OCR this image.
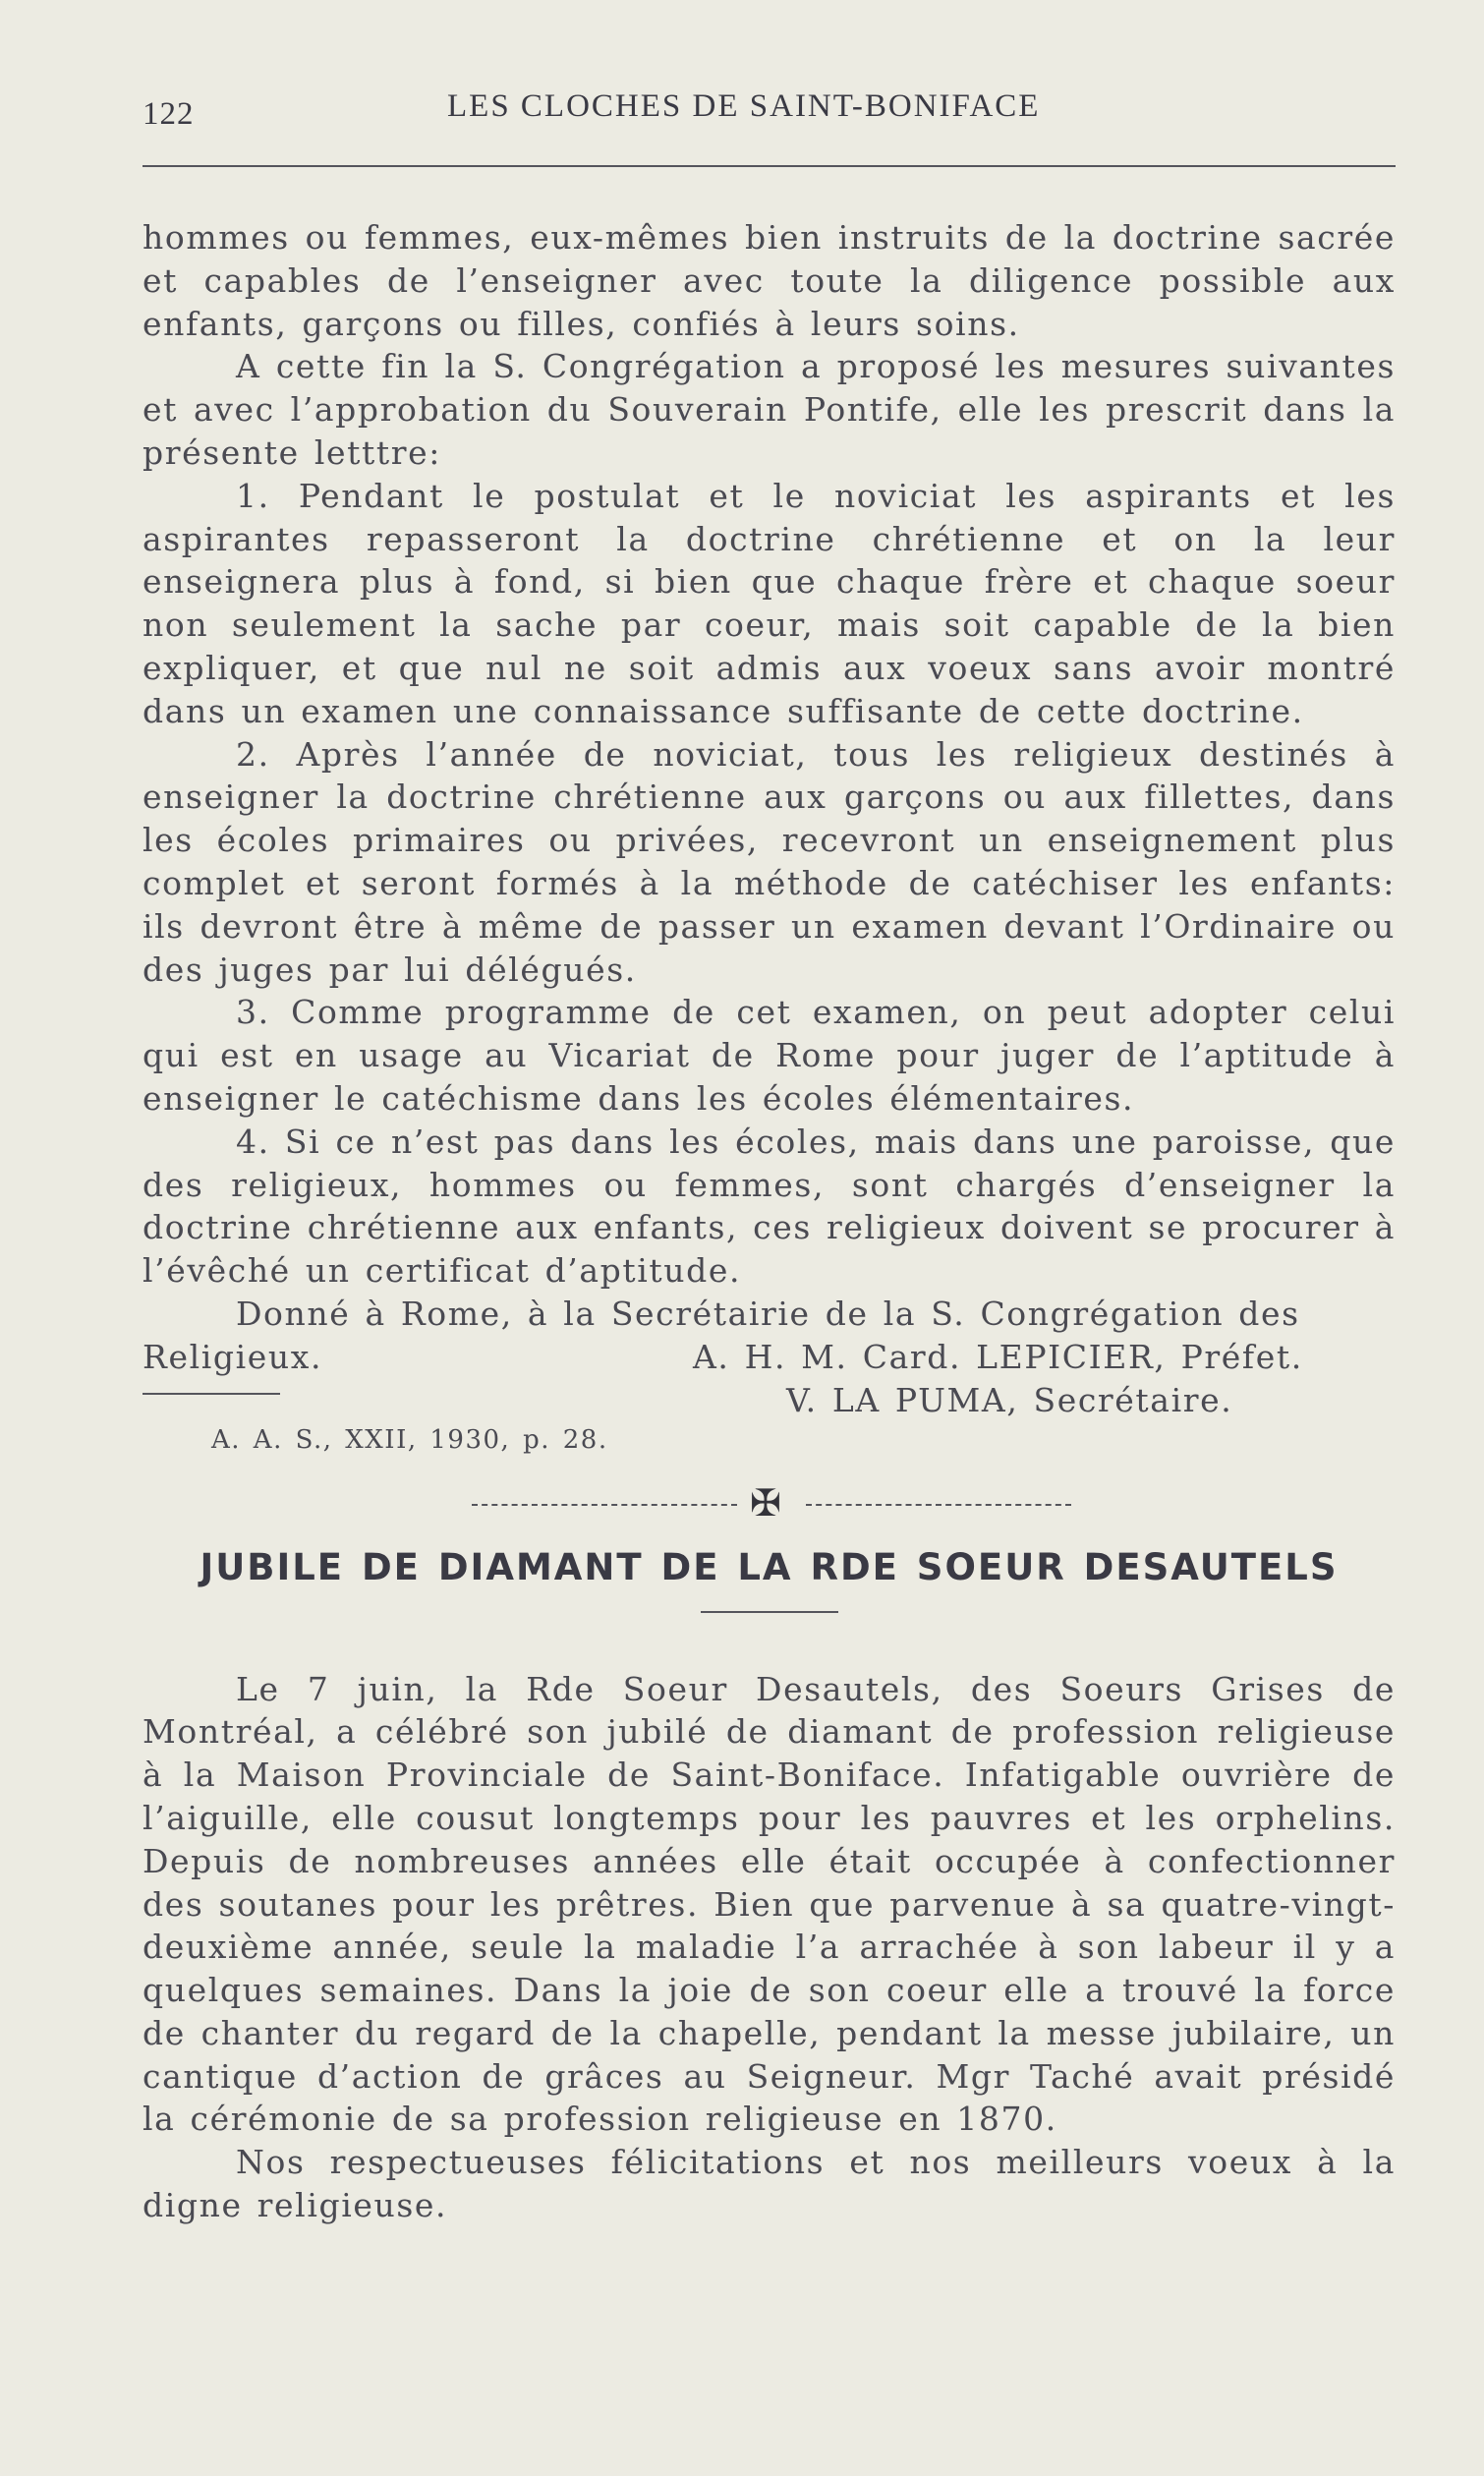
122	LES CLOCHES DE SAINT-BONIFACE

hommes ou femmes, eux-mêmes bien instruits de la doctrine sacrée et capables de l’enseigner avec toute la diligence possible aux enfants, garçons ou filles, confiés à leurs soins.

A cette fin la S. Congrégation a proposé les mesures suivantes et avec l’approbation du Souverain Pontife, elle les prescrit dans la présente letttre:

1. Pendant le postulat et le noviciat les aspirants et les aspirantes repasseront la doctrine chrétienne et on la leur enseignera plus à fond, si bien que chaque frère et chaque soeur non seulement la sache par coeur, mais soit capable de la bien expliquer, et que nul ne soit admis aux voeux sans avoir montré dans un examen une connaissance suffisante de cette doctrine.

2. Après l’année de noviciat, tous les religieux destinés à enseigner la doctrine chrétienne aux garçons ou aux fillettes, dans les écoles primaires ou privées, recevront un enseignement plus complet et seront formés à la méthode de catéchiser les enfants: ils devront être à même de passer un examen devant l’Ordinaire ou des juges par lui délégués.

3. Comme programme de cet examen, on peut adopter celui qui est en usage au Vicariat de Rome pour juger de l’aptitude à enseigner le catéchisme dans les écoles élémentaires.

4. Si ce n’est pas dans les écoles, mais dans une paroisse, que des religieux, hommes ou femmes, sont chargés d’enseigner la doctrine chrétienne aux enfants, ces religieux doivent se procurer à l’évêché un certificat d’aptitude.

Donné à Rome, à la Secrétairie de la S. Congrégation des

Religieux.	A. H. M. Card. LEPICIER, Préfet.
V. LA PUMA, Secrétaire.
A. A. S., XXII, 1930, p. 28.
✠
JUBILE DE DIAMANT DE LA RDE SOEUR DESAUTELS

Le 7 juin, la Rde Soeur Desautels, des Soeurs Grises de Montréal, a célébré son jubilé de diamant de profession religieuse à la Maison Provinciale de Saint-Boniface. Infatigable ouvrière de l’aiguille, elle cousut longtemps pour les pauvres et les orphelins. Depuis de nombreuses années elle était occupée à confectionner des soutanes pour les prêtres. Bien que parvenue à sa quatre-vingt-deuxième année, seule la maladie l’a arrachée à son labeur il y a quelques semaines. Dans la joie de son coeur elle a trouvé la force de chanter du regard de la chapelle, pendant la messe jubilaire, un cantique d’action de grâces au Seigneur. Mgr Taché avait présidé la cérémonie de sa profession religieuse en 1870.

Nos respectueuses félicitations et nos meilleurs voeux à la digne religieuse.
